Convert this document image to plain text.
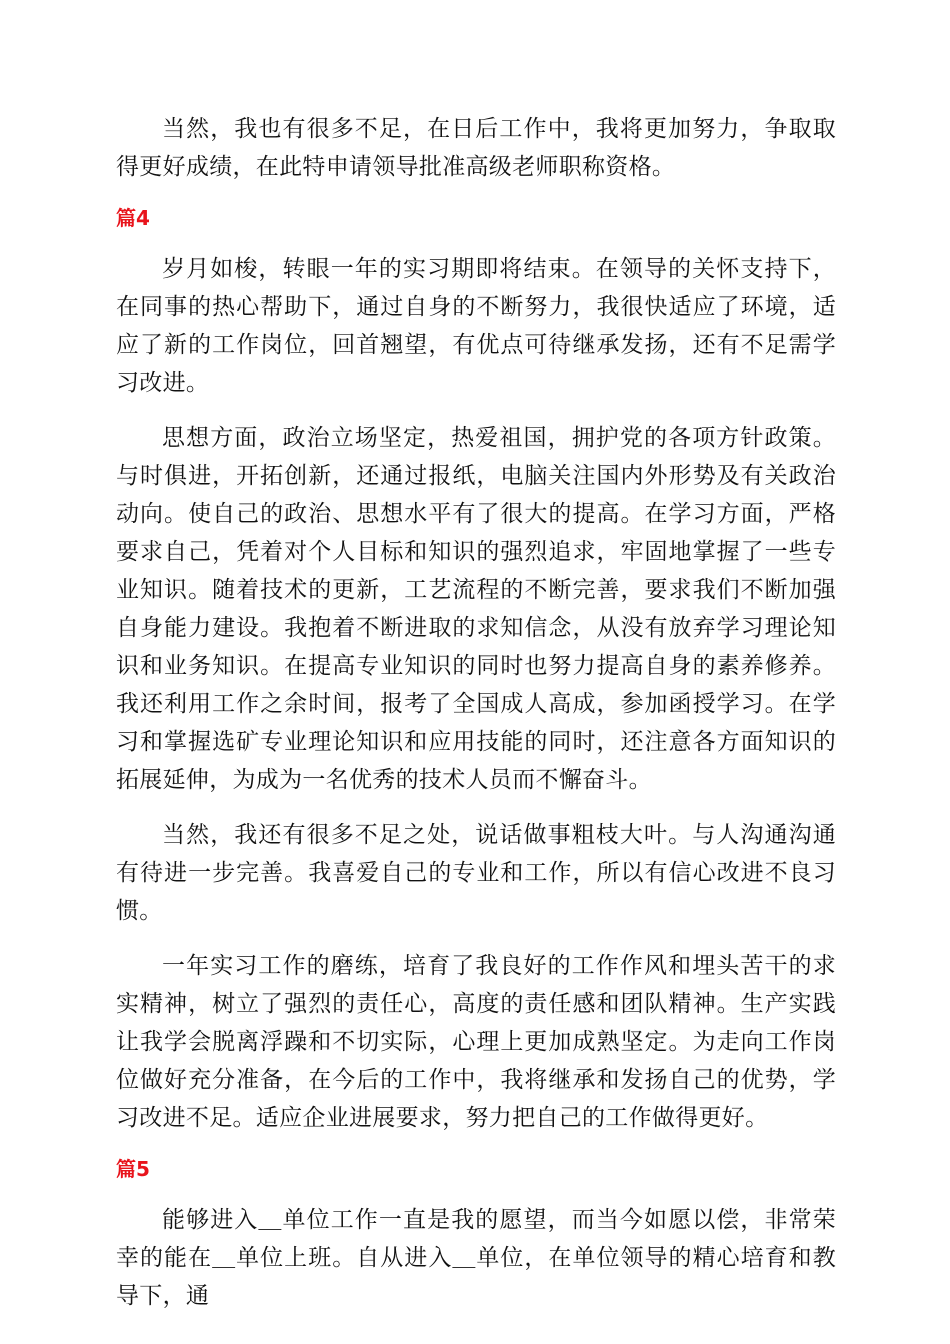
当然，我也有很多不足，在日后工作中，我将更加努力，争取取得更好成绩，在此特申请领导批准高级老师职称资格。

篇4

岁月如梭，转眼一年的实习期即将结束。在领导的关怀支持下，在同事的热心帮助下，通过自身的不断努力，我很快适应了环境，适应了新的工作岗位，回首翘望，有优点可待继承发扬，还有不足需学习改进。

思想方面，政治立场坚定，热爱祖国，拥护党的各项方针政策。与时俱进，开拓创新，还通过报纸，电脑关注国内外形势及有关政治动向。使自己的政治、思想水平有了很大的提高。在学习方面，严格要求自己，凭着对个人目标和知识的强烈追求，牢固地掌握了一些专业知识。随着技术的更新，工艺流程的不断完善，要求我们不断加强自身能力建设。我抱着不断进取的求知信念，从没有放弃学习理论知识和业务知识。在提高专业知识的同时也努力提高自身的素养修养。我还利用工作之余时间，报考了全国成人高成，参加函授学习。在学习和掌握选矿专业理论知识和应用技能的同时，还注意各方面知识的拓展延伸，为成为一名优秀的技术人员而不懈奋斗。

当然，我还有很多不足之处，说话做事粗枝大叶。与人沟通沟通有待进一步完善。我喜爱自己的专业和工作，所以有信心改进不良习惯。

一年实习工作的磨练，培育了我良好的工作作风和埋头苦干的求实精神，树立了强烈的责任心，高度的责任感和团队精神。生产实践让我学会脱离浮躁和不切实际，心理上更加成熟坚定。为走向工作岗位做好充分准备，在今后的工作中，我将继承和发扬自己的优势，学习改进不足。适应企业进展要求，努力把自己的工作做得更好。

篇5

能够进入＿单位工作一直是我的愿望，而当今如愿以偿，非常荣幸的能在＿单位上班。自从进入＿单位，在单位领导的精心培育和教导下，通
